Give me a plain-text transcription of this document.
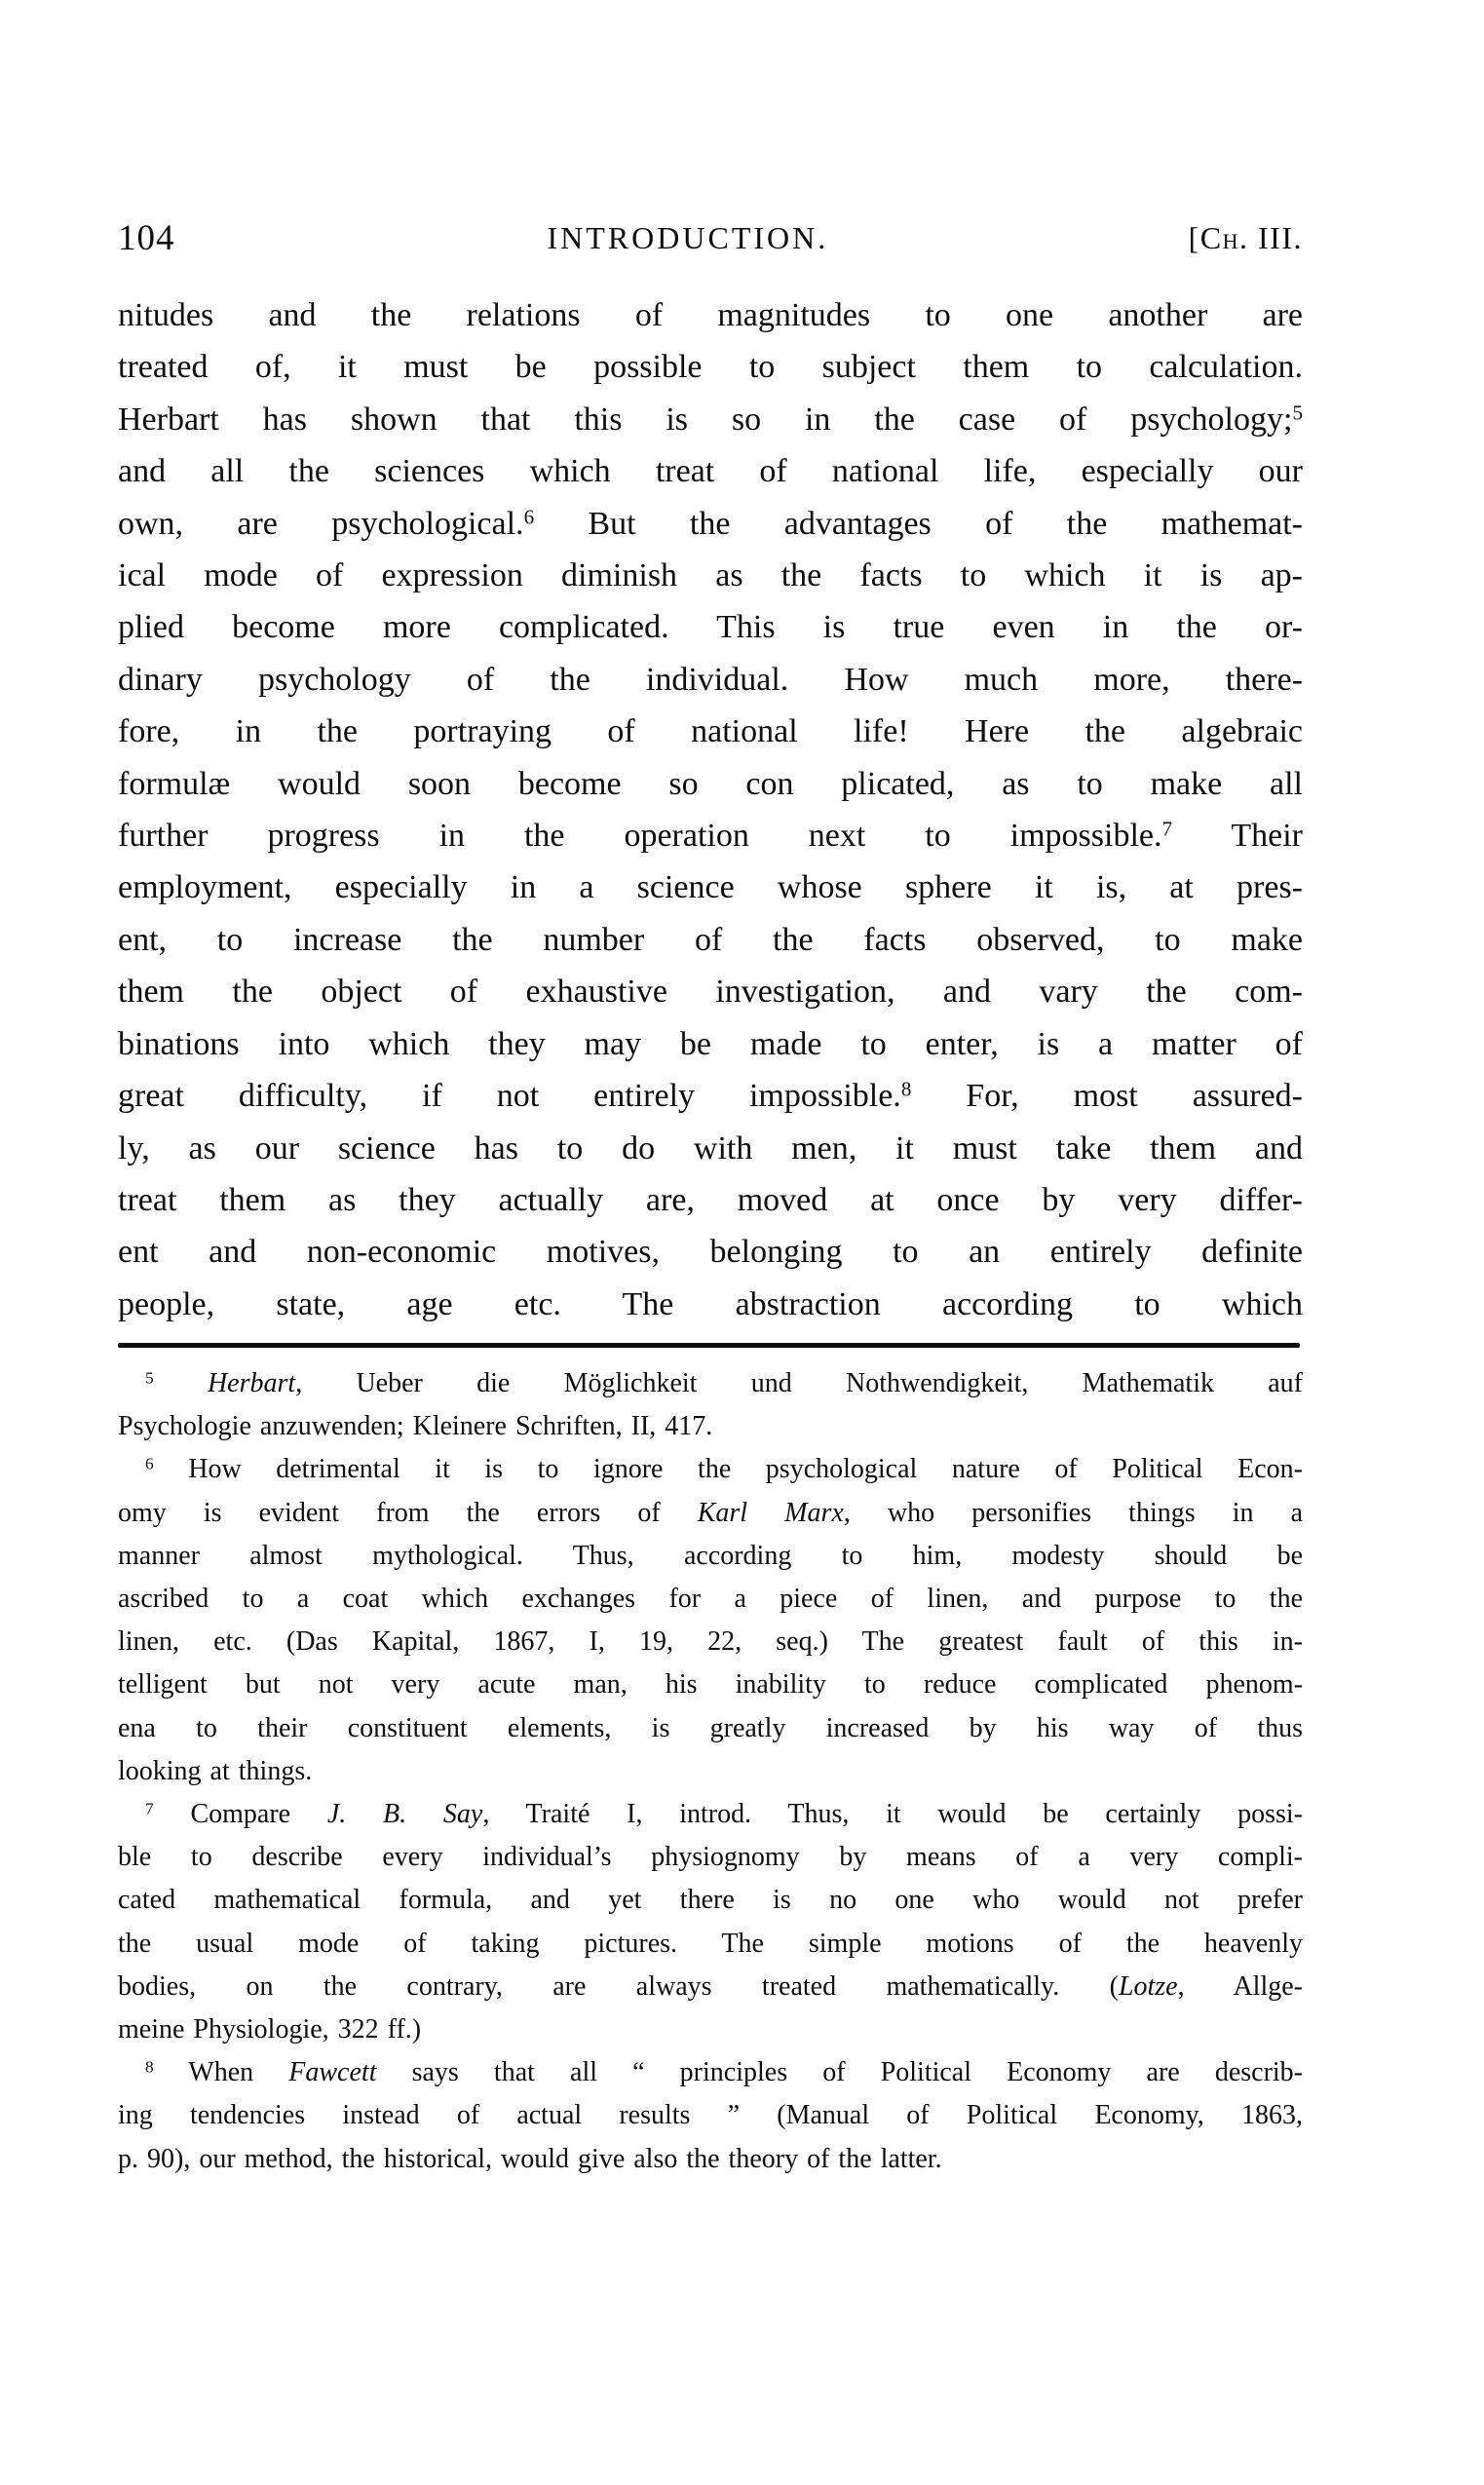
104	INTRODUCTION.	[Ch. III.
nitudes and the relations of magnitudes to one another are
treated of, it must be possible to subject them to calculation.
Herbart has shown that this is so in the case of psychology;$^5$
and all the sciences which treat of national life, especially our
own, are psychological.$^6$ But the advantages of the mathemat-
ical mode of expression diminish as the facts to which it is ap-
plied become more complicated. This is true even in the or-
dinary psychology of the individual. How much more, there-
fore, in the portraying of national life! Here the algebraic
formulæ would soon become so con plicated, as to make all
further progress in the operation next to impossible.$^7$ Their
employment, especially in a science whose sphere it is, at pres-
ent, to increase the number of the facts observed, to make
them the object of exhaustive investigation, and vary the com-
binations into which they may be made to enter, is a matter of
great difficulty, if not entirely impossible.$^8$ For, most assured-
ly, as our science has to do with men, it must take them and
treat them as they actually are, moved at once by very differ-
ent and non-economic motives, belonging to an entirely definite
people, state, age etc. The abstraction according to which
$^5$ Herbart, Ueber die Möglichkeit und Nothwendigkeit, Mathematik auf
Psychologie anzuwenden; Kleinere Schriften, II, 417.
$^6$ How detrimental it is to ignore the psychological nature of Political Econ-
omy is evident from the errors of Karl Marx, who personifies things in a
manner almost mythological. Thus, according to him, modesty should be
ascribed to a coat which exchanges for a piece of linen, and purpose to the
linen, etc. (Das Kapital, 1867, I, 19, 22, seq.) The greatest fault of this in-
telligent but not very acute man, his inability to reduce complicated phenom-
ena to their constituent elements, is greatly increased by his way of thus
looking at things.
$^7$ Compare J. B. Say, Traité I, introd. Thus, it would be certainly possi-
ble to describe every individual’s physiognomy by means of a very compli-
cated mathematical formula, and yet there is no one who would not prefer
the usual mode of taking pictures. The simple motions of the heavenly
bodies, on the contrary, are always treated mathematically. (Lotze, Allge-
meine Physiologie, 322 ff.)
$^8$ When Fawcett says that all “ principles of Political Economy are describ-
ing tendencies instead of actual results ” (Manual of Political Economy, 1863,
p. 90), our method, the historical, would give also the theory of the latter.
